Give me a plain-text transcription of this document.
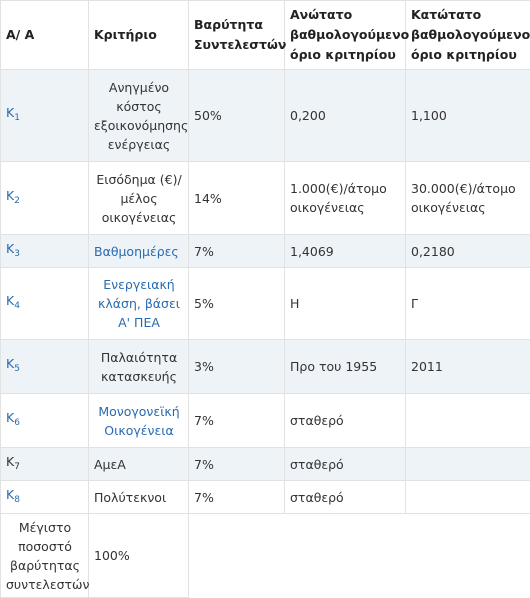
Α/ Α	Κριτήριο	Βαρύτητα Συντελεστών	Ανώτατο βαθμολογούμενο όριο κριτηρίου	Κατώτατο βαθμολογούμενο όριο κριτηρίου
$K_1$	Ανηγμένο κόστος εξοικονόμησης ενέργειας	50%	0,200	1,100
$K_2$	Εισόδημα (€)/ μέλος οικογένειας	14%	1.000(€)/άτομο οικογένειας	30.000(€)/άτομο οικογένειας
$K_3$	Βαθμοημέρες	7%	1,4069	0,2180
$K_4$	Ενεργειακή κλάση, βάσει Α' ΠΕΑ	5%	Η	Γ
$K_5$	Παλαιότητα κατασκευής	3%	Προ του 1955	2011
$K_6$	Μονογονεϊκή Οικογένεια	7%	σταθερό	
$K_7$	ΑμεΑ	7%	σταθερό	
$K_8$	Πολύτεκνοι	7%	σταθερό	
Μέγιστο ποσοστό βαρύτητας συντελεστών	100%			
